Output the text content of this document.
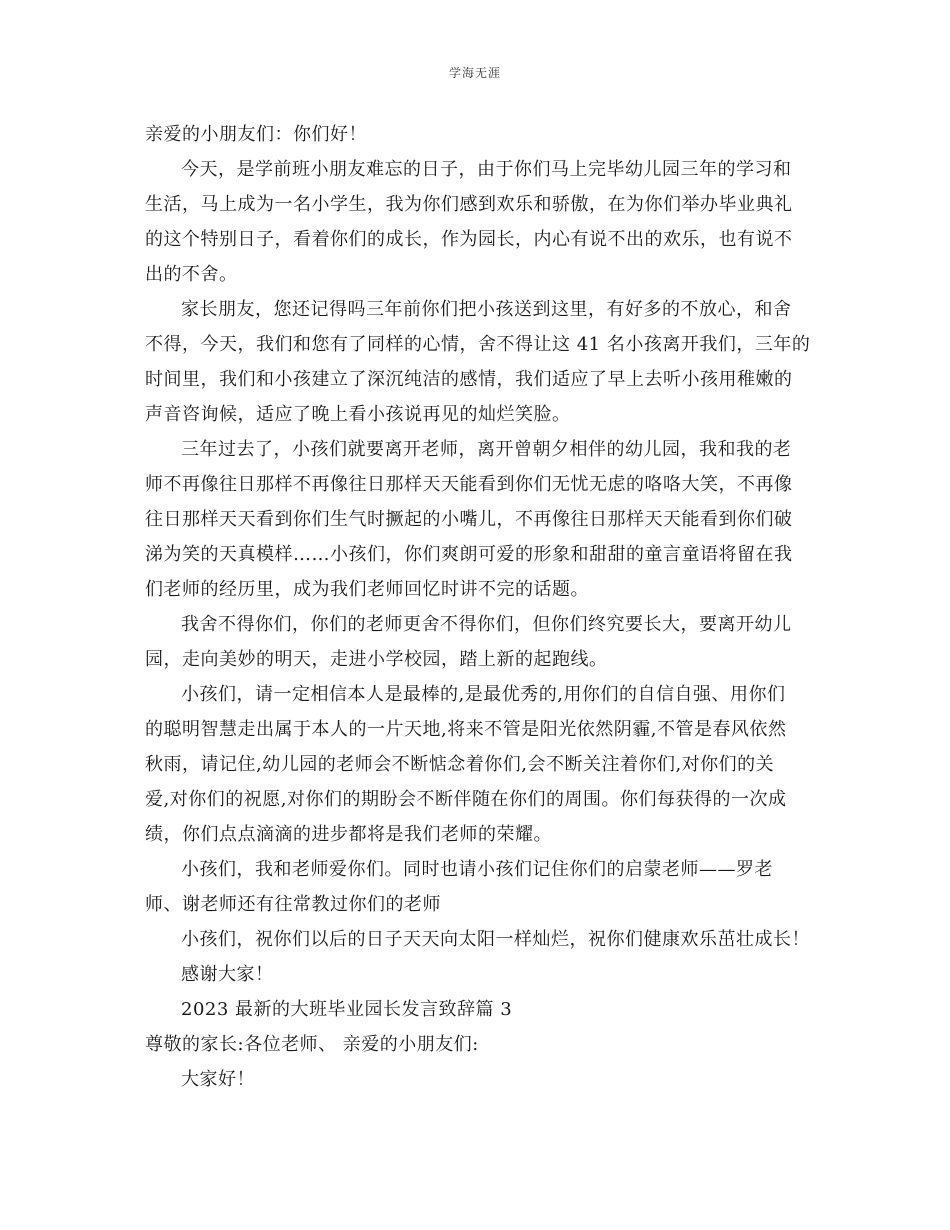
学海无涯
亲爱的小朋友们：你们好！
今天，是学前班小朋友难忘的日子，由于你们马上完毕幼儿园三年的学习和
生活，马上成为一名小学生，我为你们感到欢乐和骄傲，在为你们举办毕业典礼
的这个特别日子，看着你们的成长，作为园长，内心有说不出的欢乐，也有说不
出的不舍。
家长朋友，您还记得吗三年前你们把小孩送到这里，有好多的不放心，和舍
不得，今天，我们和您有了同样的心情，舍不得让这 41 名小孩离开我们，三年的
时间里，我们和小孩建立了深沉纯洁的感情，我们适应了早上去听小孩用稚嫩的
声音咨询候，适应了晚上看小孩说再见的灿烂笑脸。
三年过去了，小孩们就要离开老师，离开曾朝夕相伴的幼儿园，我和我的老
师不再像往日那样不再像往日那样天天能看到你们无忧无虑的咯咯大笑，不再像
往日那样天天看到你们生气时撅起的小嘴儿，不再像往日那样天天能看到你们破
涕为笑的天真模样……小孩们，你们爽朗可爱的形象和甜甜的童言童语将留在我
们老师的经历里，成为我们老师回忆时讲不完的话题。
我舍不得你们，你们的老师更舍不得你们，但你们终究要长大，要离开幼儿
园，走向美妙的明天，走进小学校园，踏上新的起跑线。
小孩们，请一定相信本人是最棒的,是最优秀的,用你们的自信自强、用你们
的聪明智慧走出属于本人的一片天地,将来不管是阳光依然阴霾,不管是春风依然
秋雨，请记住,幼儿园的老师会不断惦念着你们,会不断关注着你们,对你们的关
爱,对你们的祝愿,对你们的期盼会不断伴随在你们的周围。你们每获得的一次成
绩，你们点点滴滴的进步都将是我们老师的荣耀。
小孩们，我和老师爱你们。同时也请小孩们记住你们的启蒙老师——罗老
师、谢老师还有往常教过你们的老师
小孩们，祝你们以后的日子天天向太阳一样灿烂，祝你们健康欢乐茁壮成长！
感谢大家！
2023 最新的大班毕业园长发言致辞篇 3
尊敬的家长:各位老师、 亲爱的小朋友们:
大家好！
